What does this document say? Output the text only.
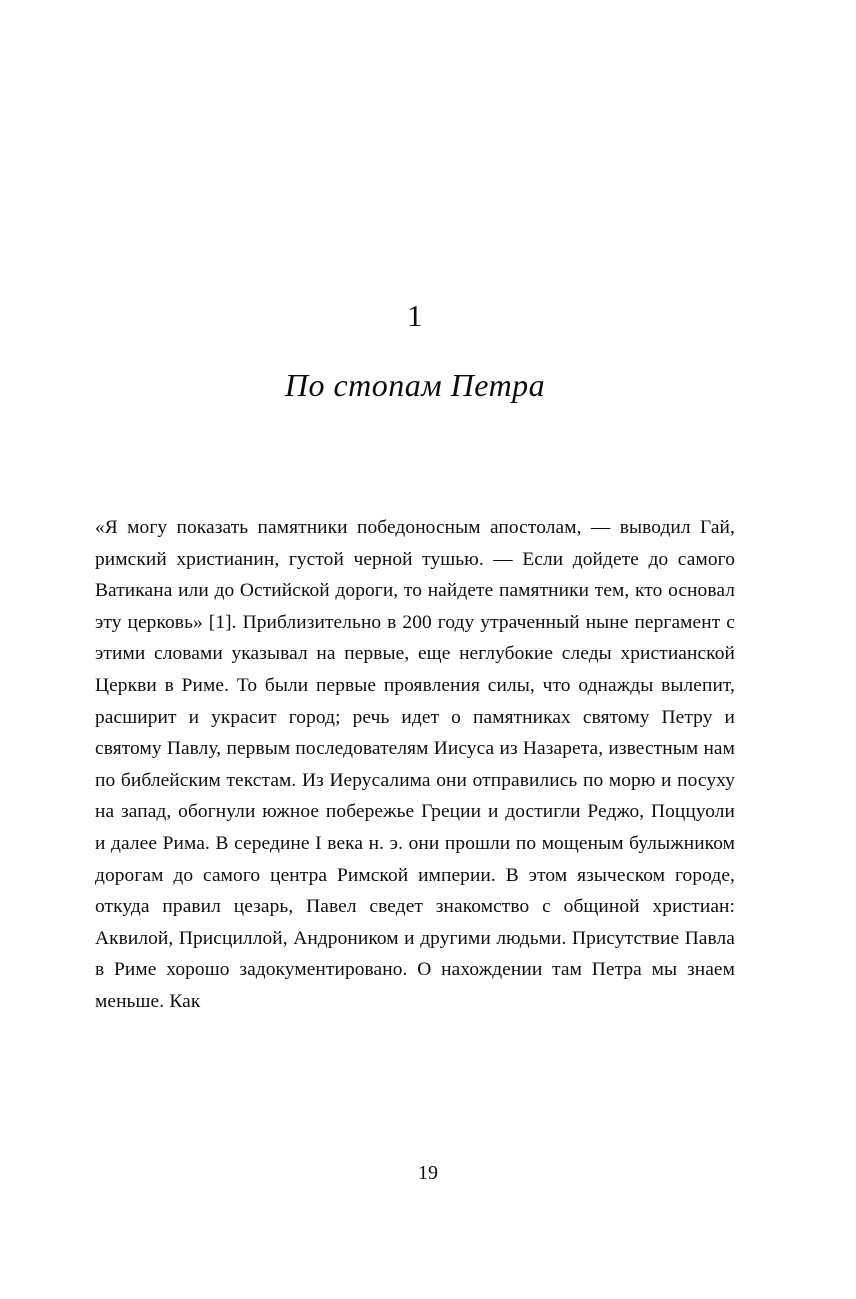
1
По стопам Петра

«Я могу показать памятники победоносным апостолам, — выводил Гай, римский христианин, густой черной тушью. — Если дойдете до самого Ватикана или до Остийской дороги, то найдете памятники тем, кто основал эту церковь» [1]. Приблизительно в 200 году утраченный ныне пергамент с этими словами указывал на первые, еще неглубокие следы христианской Церкви в Риме. То были первые проявления силы, что однажды вылепит, расширит и украсит город; речь идет о памятниках святому Петру и святому Павлу, первым последователям Иисуса из Назарета, известным нам по библейским текстам. Из Иерусалима они отправились по морю и посуху на запад, обогнули южное побережье Греции и достигли Реджо, Поццуоли и далее Рима. В середине I века н. э. они прошли по мощеным булыжником дорогам до самого центра Римской империи. В этом языческом городе, откуда правил цезарь, Павел сведет знакомство с общиной христиан: Аквилой, Присциллой, Андроником и другими людьми. Присутствие Павла в Риме хорошо задокументировано. О нахождении там Петра мы знаем меньше. Как

19
